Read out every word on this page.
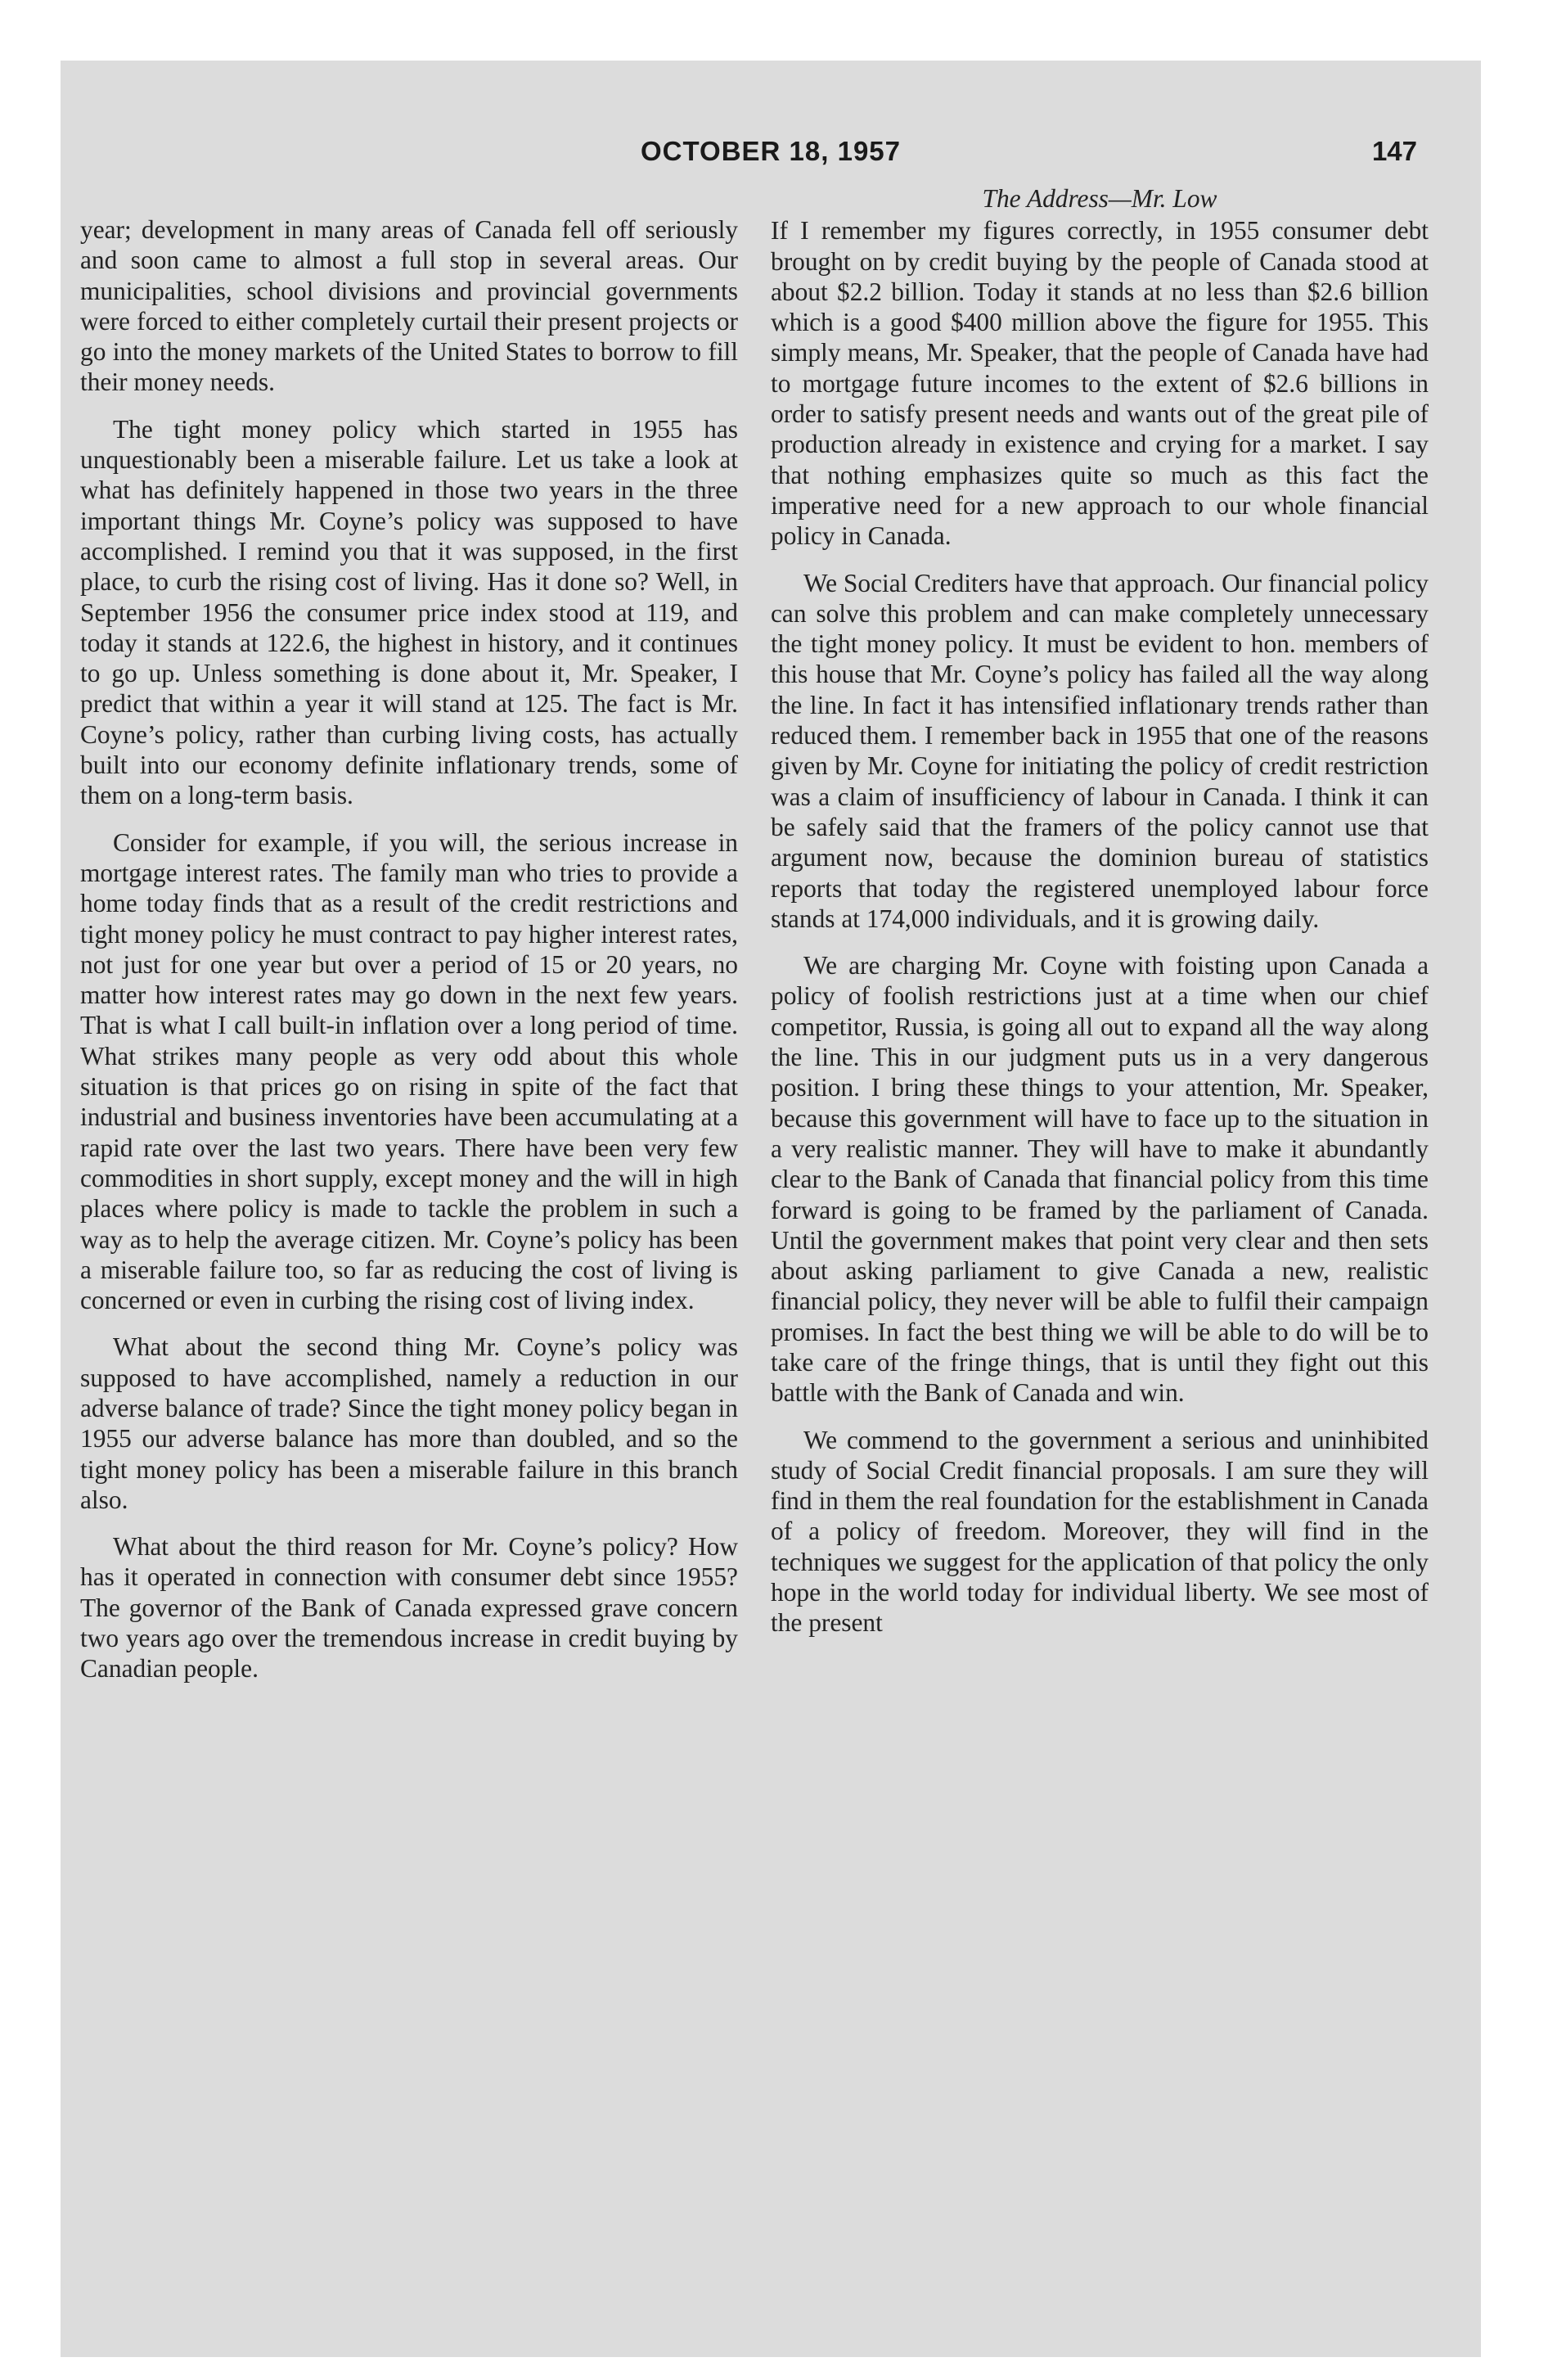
OCTOBER 18, 1957	147

year; development in many areas of Canada fell off seriously and soon came to almost a full stop in several areas. Our municipalities, school divisions and provincial governments were forced to either completely curtail their present projects or go into the money markets of the United States to borrow to fill their money needs.

The tight money policy which started in 1955 has unquestionably been a miserable failure. Let us take a look at what has definitely happened in those two years in the three important things Mr. Coyne’s policy was supposed to have accomplished. I remind you that it was supposed, in the first place, to curb the rising cost of living. Has it done so? Well, in September 1956 the consumer price index stood at 119, and today it stands at 122.6, the highest in history, and it continues to go up. Unless something is done about it, Mr. Speaker, I predict that within a year it will stand at 125. The fact is Mr. Coyne’s policy, rather than curbing living costs, has actually built into our economy definite inflationary trends, some of them on a long-term basis.

Consider for example, if you will, the serious increase in mortgage interest rates. The family man who tries to provide a home today finds that as a result of the credit restrictions and tight money policy he must contract to pay higher interest rates, not just for one year but over a period of 15 or 20 years, no matter how interest rates may go down in the next few years. That is what I call built-in inflation over a long period of time. What strikes many people as very odd about this whole situation is that prices go on rising in spite of the fact that industrial and business inventories have been accumulating at a rapid rate over the last two years. There have been very few commodities in short supply, except money and the will in high places where policy is made to tackle the problem in such a way as to help the average citizen. Mr. Coyne’s policy has been a miserable failure too, so far as reducing the cost of living is concerned or even in curbing the rising cost of living index.

What about the second thing Mr. Coyne’s policy was supposed to have accomplished, namely a reduction in our adverse balance of trade? Since the tight money policy began in 1955 our adverse balance has more than doubled, and so the tight money policy has been a miserable failure in this branch also.

What about the third reason for Mr. Coyne’s policy? How has it operated in connection with consumer debt since 1955? The governor of the Bank of Canada expressed grave concern two years ago over the tremendous increase in credit buying by Canadian people.

The Address—Mr. Low

If I remember my figures correctly, in 1955 consumer debt brought on by credit buying by the people of Canada stood at about $2.2 billion. Today it stands at no less than $2.6 billion which is a good $400 million above the figure for 1955. This simply means, Mr. Speaker, that the people of Canada have had to mortgage future incomes to the extent of $2.6 billions in order to satisfy present needs and wants out of the great pile of production already in existence and crying for a market. I say that nothing emphasizes quite so much as this fact the imperative need for a new approach to our whole financial policy in Canada.

We Social Crediters have that approach. Our financial policy can solve this problem and can make completely unnecessary the tight money policy. It must be evident to hon. members of this house that Mr. Coyne’s policy has failed all the way along the line. In fact it has intensified inflationary trends rather than reduced them. I remember back in 1955 that one of the reasons given by Mr. Coyne for initiating the policy of credit restriction was a claim of insufficiency of labour in Canada. I think it can be safely said that the framers of the policy cannot use that argument now, because the dominion bureau of statistics reports that today the registered unemployed labour force stands at 174,000 individuals, and it is growing daily.

We are charging Mr. Coyne with foisting upon Canada a policy of foolish restrictions just at a time when our chief competitor, Russia, is going all out to expand all the way along the line. This in our judgment puts us in a very dangerous position. I bring these things to your attention, Mr. Speaker, because this government will have to face up to the situation in a very realistic manner. They will have to make it abundantly clear to the Bank of Canada that financial policy from this time forward is going to be framed by the parliament of Canada. Until the government makes that point very clear and then sets about asking parliament to give Canada a new, realistic financial policy, they never will be able to fulfil their campaign promises. In fact the best thing we will be able to do will be to take care of the fringe things, that is until they fight out this battle with the Bank of Canada and win.

We commend to the government a serious and uninhibited study of Social Credit financial proposals. I am sure they will find in them the real foundation for the establishment in Canada of a policy of freedom. Moreover, they will find in the techniques we suggest for the application of that policy the only hope in the world today for individual liberty. We see most of the present
